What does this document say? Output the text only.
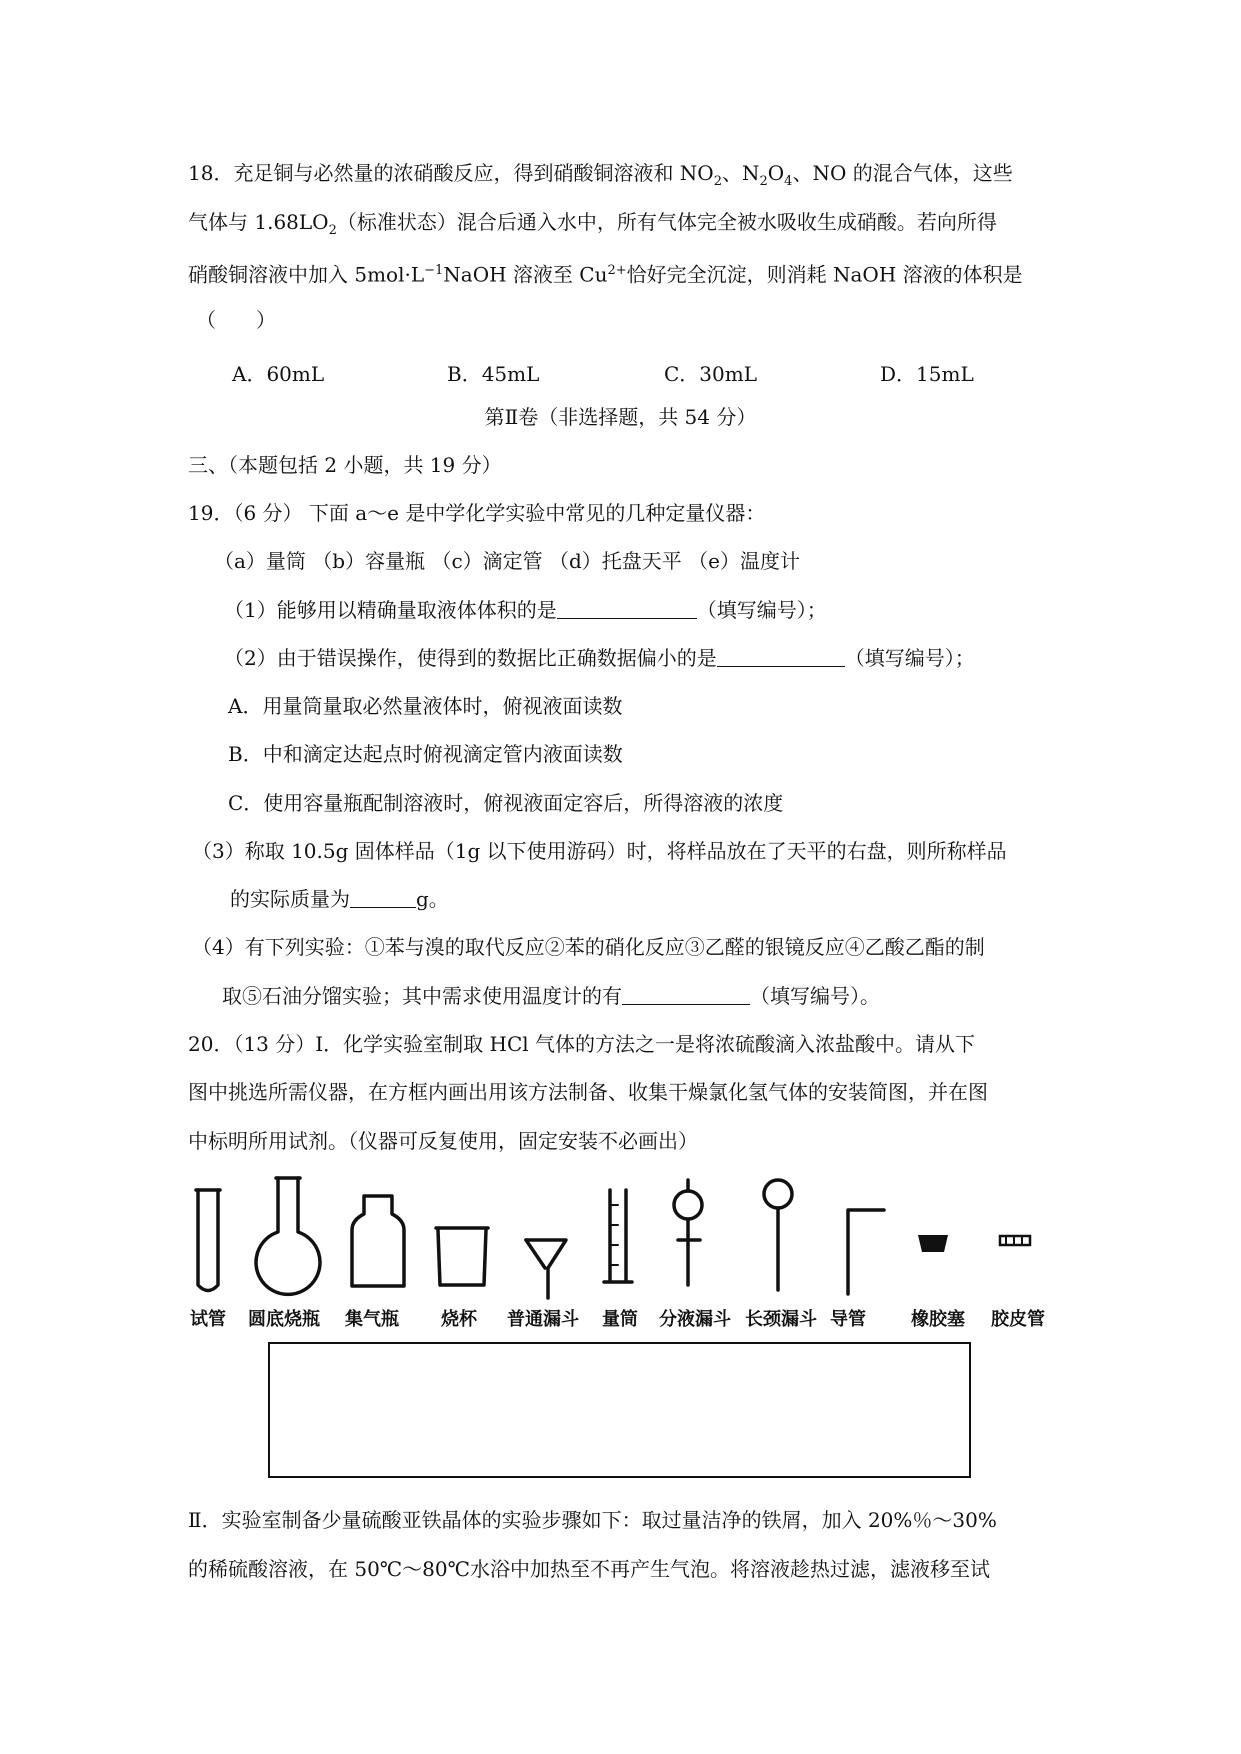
18．充足铜与必然量的浓硝酸反应，得到硝酸铜溶液和 $NO_2$、$N_2O_4$、NO 的混合气体，这些
气体与 $1.68LO_2$（标准状态）混合后通入水中，所有气体完全被水吸收生成硝酸。若向所得
硝酸铜溶液中加入 $5mol\cdot L^{-1}NaOH$ 溶液至 $Cu^{2+}$恰好完全沉淀，则消耗 NaOH 溶液的体积是
（　　）
A．60mL	B．45mL	C．30mL	D．15mL
第Ⅱ卷（非选择题，共 54 分）
三、（本题包括 2 小题，共 19 分）
19．（6 分） 下面 a～e 是中学化学实验中常见的几种定量仪器：
（a）量筒 （b）容量瓶 （c）滴定管 （d）托盘天平 （e）温度计
（1）能够用以精确量取液体体积的是	（填写编号）；
（2）由于错误操作，使得到的数据比正确数据偏小的是	（填写编号）；
A．用量筒量取必然量液体时，俯视液面读数
B．中和滴定达起点时俯视滴定管内液面读数
C．使用容量瓶配制溶液时，俯视液面定容后，所得溶液的浓度
（3）称取 10.5g 固体样品（1g 以下使用游码）时，将样品放在了天平的右盘，则所称样品
的实际质量为	g。
（4）有下列实验：①苯与溴的取代反应②苯的硝化反应③乙醛的银镜反应④乙酸乙酯的制
取⑤石油分馏实验；其中需求使用温度计的有	（填写编号）。
20．（13 分）Ⅰ．化学实验室制取 HCl 气体的方法之一是将浓硫酸滴入浓盐酸中。请从下
图中挑选所需仪器，在方框内画出用该方法制备、收集干燥氯化氢气体的安装简图，并在图
中标明所用试剂。（仪器可反复使用，固定安装不必画出）
试管 圆底烧瓶 集气瓶 烧杯 普通漏斗 量筒 分液漏斗 长颈漏斗 导管	橡胶塞 胶皮管
Ⅱ．实验室制备少量硫酸亚铁晶体的实验步骤如下：取过量洁净的铁屑，加入 20%％～30%
的稀硫酸溶液，在 50℃～80℃水浴中加热至不再产生气泡。将溶液趁热过滤，滤液移至试
